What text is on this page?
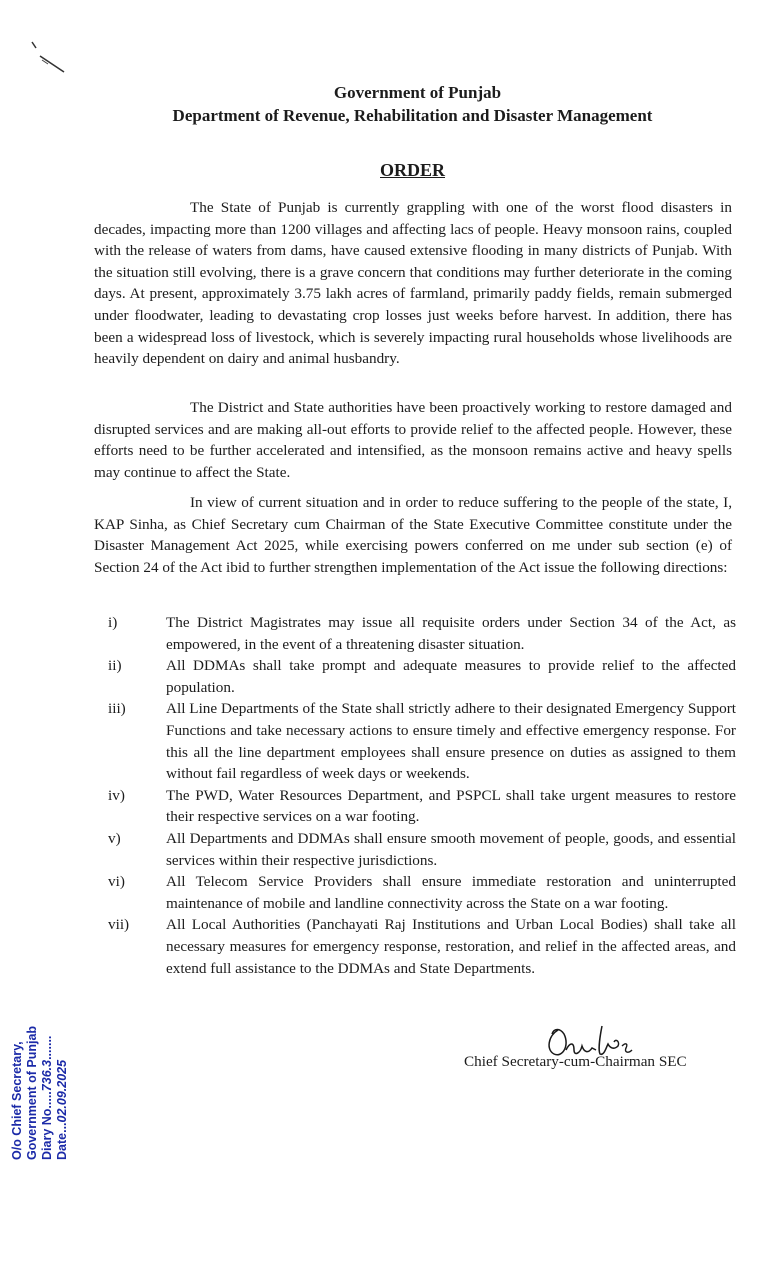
Government of Punjab
Department of Revenue, Rehabilitation and Disaster Management
ORDER
The State of Punjab is currently grappling with one of the worst flood disasters in decades, impacting more than 1200 villages and affecting lacs of people. Heavy monsoon rains, coupled with the release of waters from dams, have caused extensive flooding in many districts of Punjab. With the situation still evolving, there is a grave concern that conditions may further deteriorate in the coming days. At present, approximately 3.75 lakh acres of farmland, primarily paddy fields, remain submerged under floodwater, leading to devastating crop losses just weeks before harvest. In addition, there has been a widespread loss of livestock, which is severely impacting rural households whose livelihoods are heavily dependent on dairy and animal husbandry.
The District and State authorities have been proactively working to restore damaged and disrupted services and are making all-out efforts to provide relief to the affected people. However, these efforts need to be further accelerated and intensified, as the monsoon remains active and heavy spells may continue to affect the State.
In view of current situation and in order to reduce suffering to the people of the state, I, KAP Sinha, as Chief Secretary cum Chairman of the State Executive Committee constitute under the Disaster Management Act 2025, while exercising powers conferred on me under sub section (e) of Section 24 of the Act ibid to further strengthen implementation of the Act issue the following directions:
i)	The District Magistrates may issue all requisite orders under Section 34 of the Act, as empowered, in the event of a threatening disaster situation.
ii)	All DDMAs shall take prompt and adequate measures to provide relief to the affected population.
iii)	All Line Departments of the State shall strictly adhere to their designated Emergency Support Functions and take necessary actions to ensure timely and effective emergency response. For this all the line department employees shall ensure presence on duties as assigned to them without fail regardless of week days or weekends.
iv)	The PWD, Water Resources Department, and PSPCL shall take urgent measures to restore their respective services on a war footing.
v)	All Departments and DDMAs shall ensure smooth movement of people, goods, and essential services within their respective jurisdictions.
vi)	All Telecom Service Providers shall ensure immediate restoration and uninterrupted maintenance of mobile and landline connectivity across the State on a war footing.
vii)	All Local Authorities (Panchayati Raj Institutions and Urban Local Bodies) shall take all necessary measures for emergency response, restoration, and relief in the affected areas, and extend full assistance to the DDMAs and State Departments.
O/o Chief Secretary, Government of Punjab Diary No.....736.3.......
Date...02.09.2025	Chief Secretary-cum-Chairman SEC
